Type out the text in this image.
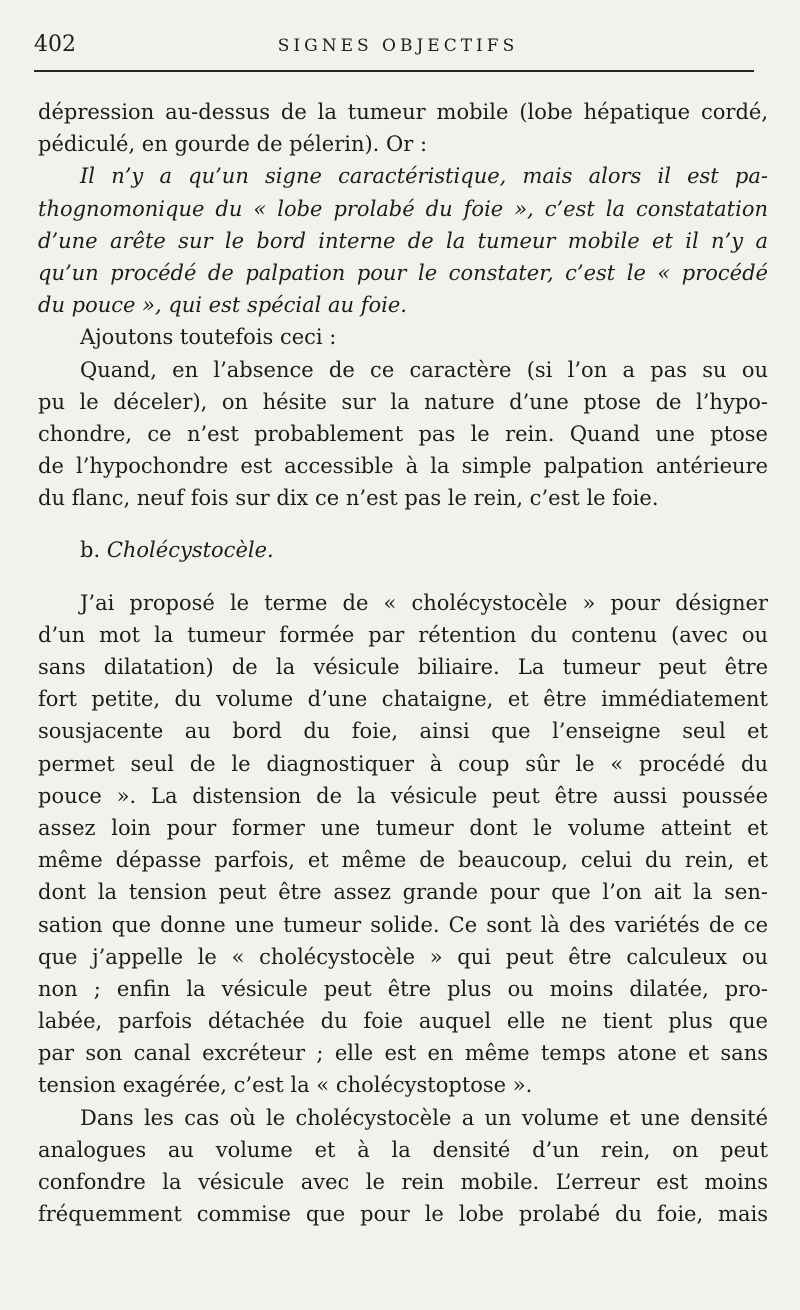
402	SIGNES OBJECTIFS
dépression au-dessus de la tumeur mobile (lobe hépatique cordé,
pédiculé, en gourde de pélerin). Or :
Il n’y a qu’un signe caractéristique, mais alors il est pa-
thognomonique du « lobe prolabé du foie », c’est la constatation
d’une arête sur le bord interne de la tumeur mobile et il n’y a
qu’un procédé de palpation pour le constater, c’est le « procédé
du pouce », qui est spécial au foie.
Ajoutons toutefois ceci :
Quand, en l’absence de ce caractère (si l’on a pas su ou
pu le déceler), on hésite sur la nature d’une ptose de l’hypo-
chondre, ce n’est probablement pas le rein. Quand une ptose
de l’hypochondre est accessible à la simple palpation antérieure
du flanc, neuf fois sur dix ce n’est pas le rein, c’est le foie.
b. Cholécystocèle.
J’ai proposé le terme de « cholécystocèle » pour désigner
d’un mot la tumeur formée par rétention du contenu (avec ou
sans dilatation) de la vésicule biliaire. La tumeur peut être
fort petite, du volume d’une chataigne, et être immédiatement
sousjacente au bord du foie, ainsi que l’enseigne seul et
permet seul de le diagnostiquer à coup sûr le « procédé du
pouce ». La distension de la vésicule peut être aussi poussée
assez loin pour former une tumeur dont le volume atteint et
même dépasse parfois, et même de beaucoup, celui du rein, et
dont la tension peut être assez grande pour que l’on ait la sen-
sation que donne une tumeur solide. Ce sont là des variétés de ce
que j’appelle le « cholécystocèle » qui peut être calculeux ou
non ; enfin la vésicule peut être plus ou moins dilatée, pro-
labée, parfois détachée du foie auquel elle ne tient plus que
par son canal excréteur ; elle est en même temps atone et sans
tension exagérée, c’est la « cholécystoptose ».
Dans les cas où le cholécystocèle a un volume et une densité
analogues au volume et à la densité d’un rein, on peut
confondre la vésicule avec le rein mobile. L’erreur est moins
fréquemment commise que pour le lobe prolabé du foie, mais
